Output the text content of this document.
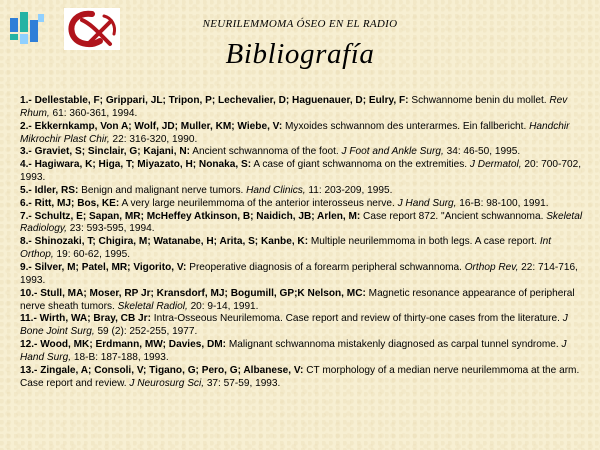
NEURILEMMOMA ÓSEO EN EL RADIO
Bibliografía

1.- Dellestable, F; Grippari, JL; Tripon, P; Lechevalier, D; Haguenauer, D; Eulry, F: Schwannome benin du mollet. Rev Rhum, 61: 360-361, 1994.

2.- Ekkernkamp, Von A; Wolf, JD; Muller, KM; Wiebe, V: Myxoides schwannom des unterarmes. Ein fallbericht. Handchir Mikrochir Plast Chir, 22: 316-320, 1990.

3.- Graviet, S; Sinclair, G; Kajani, N: Ancient schwannoma of the foot. J Foot and Ankle Surg, 34: 46-50, 1995.

4.- Hagiwara, K; Higa, T; Miyazato, H; Nonaka, S: A case of giant schwannoma on the extremities. J Dermatol, 20: 700-702, 1993.

5.- Idler, RS: Benign and malignant nerve tumors. Hand Clinics, 11: 203-209, 1995.

6.- Ritt, MJ; Bos, KE: A very large neurilemmoma of the anterior interosseus nerve. J Hand Surg, 16-B: 98-100, 1991.

7.- Schultz, E; Sapan, MR; McHeffey Atkinson, B; Naidich, JB; Arlen, M: Case report 872. "Ancient schwannoma. Skeletal Radiology, 23: 593-595, 1994.

8.- Shinozaki, T; Chigira, M; Watanabe, H; Arita, S; Kanbe, K: Multiple neurilemmoma in both legs. A case report. Int Orthop, 19: 60-62, 1995.

9.- Silver, M; Patel, MR; Vigorito, V: Preoperative diagnosis of a forearm peripheral schwannoma. Orthop Rev, 22: 714-716, 1993.

10.- Stull, MA; Moser, RP Jr; Kransdorf, MJ; Bogumill, GP;K Nelson, MC: Magnetic resonance appearance of peripheral nerve sheath tumors. Skeletal Radiol, 20: 9-14, 1991.

11.- Wirth, WA; Bray, CB Jr: Intra-Osseous Neurilemoma. Case report and review of thirty-one cases from the literature. J Bone Joint Surg, 59 (2): 252-255, 1977.

12.- Wood, MK; Erdmann, MW; Davies, DM: Malignant schwannoma mistakenly diagnosed as carpal tunnel syndrome. J Hand Surg, 18-B: 187-188, 1993.

13.- Zingale, A; Consoli, V; Tigano, G; Pero, G; Albanese, V: CT morphology of a median nerve neurilemmoma at the arm. Case report and review. J Neurosurg Sci, 37: 57-59, 1993.
